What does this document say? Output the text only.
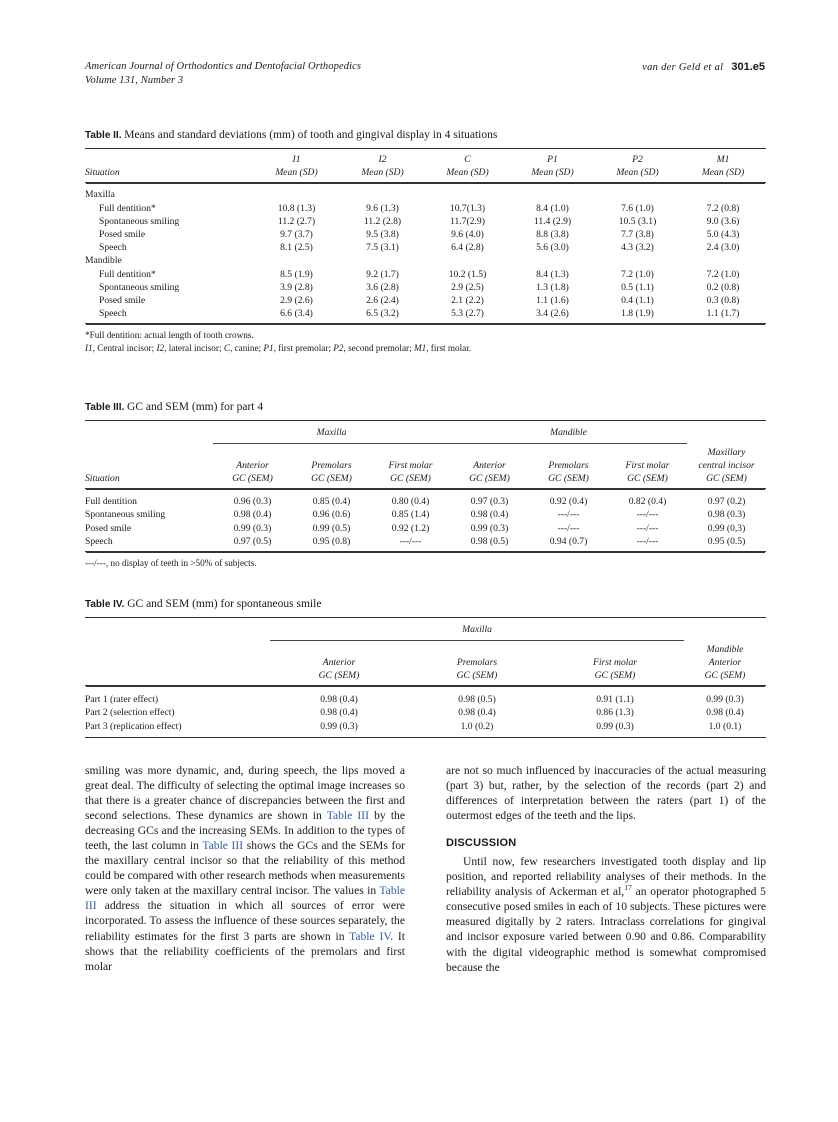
American Journal of Orthodontics and Dentofacial Orthopedics
Volume 131, Number 3
van der Geld et al 301.e5
Table II. Means and standard deviations (mm) of tooth and gingival display in 4 situations
	I1	I2	C	P1	P2	M1
Situation	Mean (SD)	Mean (SD)	Mean (SD)	Mean (SD)	Mean (SD)	Mean (SD)
Maxilla						
Full dentition*	10.8 (1.3)	9.6 (1.3)	10.7(1.3)	8.4 (1.0)	7.6 (1.0)	7.2 (0.8)
Spontaneous smiling	11.2 (2.7)	11.2 (2.8)	11.7(2.9)	11.4 (2.9)	10.5 (3.1)	9.0 (3.6)
Posed smile	9.7 (3.7)	9.5 (3.8)	9.6 (4.0)	8.8 (3.8)	7.7 (3.8)	5.0 (4.3)
Speech	8.1 (2.5)	7.5 (3.1)	6.4 (2.8)	5.6 (3.0)	4.3 (3.2)	2.4 (3.0)
Mandible						
Full dentition*	8.5 (1.9)	9.2 (1.7)	10.2 (1.5)	8.4 (1.3)	7.2 (1.0)	7.2 (1.0)
Spontaneous smiling	3.9 (2.8)	3.6 (2.8)	2.9 (2.5)	1.3 (1.8)	0.5 (1.1)	0.2 (0.8)
Posed smile	2.9 (2.6)	2.6 (2.4)	2.1 (2.2)	1.1 (1.6)	0.4 (1.1)	0.3 (0.8)
Speech	6.6 (3.4)	6.5 (3.2)	5.3 (2.7)	3.4 (2.6)	1.8 (1.9)	1.1 (1.7)
*Full dentition: actual length of tooth crowns.
I1, Central incisor; I2, lateral incisor; C, canine; P1, first premolar; P2, second premolar; M1, first molar.
Table III. GC and SEM (mm) for part 4
	Maxilla			Mandible			

	Anterior	Premolars	First molar	Anterior	Premolars	First molar	Maxillary
central incisor
Situation	GC (SEM)	GC (SEM)	GC (SEM)	GC (SEM)	GC (SEM)	GC (SEM)	GC (SEM)
Full dentition	0.96 (0.3)	0.85 (0.4)	0.80 (0.4)	0.97 (0.3)	0.92 (0.4)	0.82 (0.4)	0.97 (0.2)
Spontaneous smiling	0.98 (0.4)	0.96 (0.6)	0.85 (1.4)	0.98 (0.4)	---/---	---/---	0.98 (0.3)
Posed smile	0.99 (0.3)	0.99 (0.5)	0.92 (1.2)	0.99 (0.3)	---/---	---/---	0.99 (0,3)
Speech	0.97 (0.5)	0.95 (0.8)	---/---	0.98 (0.5)	0.94 (0.7)	---/---	0.95 (0.5)
---/---, no display of teeth in >50% of subjects.
Table IV. GC and SEM (mm) for spontaneous smile
	Maxilla			

	Anterior	Premolars	First molar	Mandible
Anterior
	GC (SEM)	GC (SEM)	GC (SEM)	GC (SEM)
Part 1 (rater effect)	0.98 (0.4)	0.98 (0.5)	0.91 (1.1)	0.99 (0.3)
Part 2 (selection effect)	0.98 (0.4)	0.98 (0.4)	0.86 (1.3)	0.98 (0.4)
Part 3 (replication effect)	0.99 (0.3)	1.0 (0.2)	0.99 (0.3)	1.0 (0.1)

smiling was more dynamic, and, during speech, the lips moved a great deal. The difficulty of selecting the optimal image increases so that there is a greater chance of discrepancies between the first and second selections. These dynamics are shown in Table III by the decreasing GCs and the increasing SEMs. In addition to the types of teeth, the last column in Table III shows the GCs and the SEMs for the maxillary central incisor so that the reliability of this method could be compared with other research methods when measurements were only taken at the maxillary central incisor. The values in Table III address the situation in which all sources of error were incorporated. To assess the influence of these sources separately, the reliability estimates for the first 3 parts are shown in Table IV. It shows that the reliability coefficients of the premolars and first molar

are not so much influenced by inaccuracies of the actual measuring (part 3) but, rather, by the selection of the records (part 2) and differences of interpretation between the raters (part 1) of the outermost edges of the teeth and the lips.

DISCUSSION

Until now, few researchers investigated tooth display and lip position, and reported reliability analyses of their methods. In the reliability analysis of Ackerman et al,$^{17}$ an operator photographed 5 consecutive posed smiles in each of 10 subjects. These pictures were measured digitally by 2 raters. Intraclass correlations for gingival and incisor exposure varied between 0.90 and 0.86. Comparability with the digital videographic method is somewhat compromised because the
